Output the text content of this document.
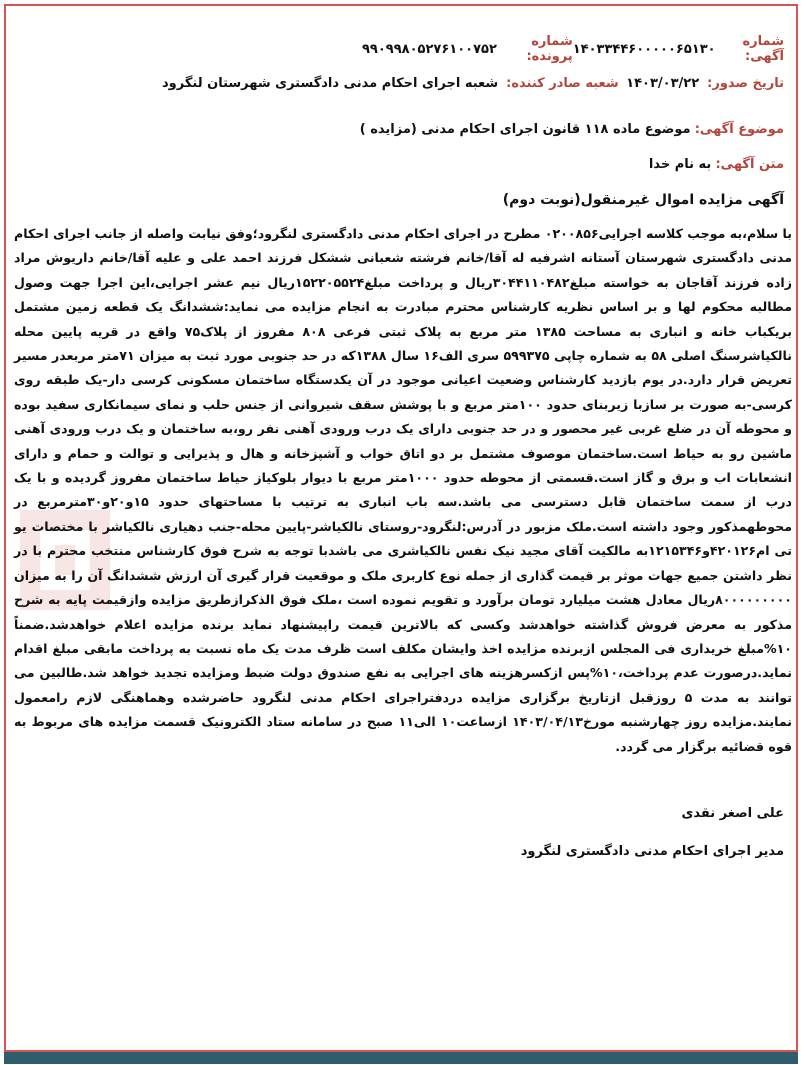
شماره آگهی:
۱۴۰۳۳۴۴۶۰۰۰۰۰۶۵۱۳۰
شماره پرونده:
۹۹۰۹۹۸۰۵۲۷۶۱۰۰۷۵۲
تاریخ صدور:
۱۴۰۳/۰۳/۲۲
شعبه صادر کننده:
شعبه اجرای احکام مدنی دادگستری شهرستان لنگرود
موضوع آگهی: موضوع ماده ۱۱۸ قانون اجرای احکام مدنی (مزایده )
متن آگهی: به نام خدا
آگهی مزایده اموال غیرمنقول(نوبت دوم)
با سلام،به موجب کلاسه اجرایی۰۲۰۰۸۵۶ مطرح در اجرای احکام مدنی دادگستری لنگرود؛وفق نیابت واصله از جانب اجرای احکام مدنی دادگستری شهرستان آستانه اشرفیه له آقا/خانم فرشته شعبانی ششکل فرزند احمد علی و علیه آقا/خانم داریوش مراد زاده فرزند آقاجان به خواسته مبلغ۳۰۴۴۱۱۰۴۸۲ریال و پرداخت مبلغ۱۵۲۲۰۵۵۲۴ریال نیم عشر اجرایی،این اجرا جهت وصول مطالبه محکوم لها و بر اساس نظریه کارشناس محترم مبادرت به انجام مزایده می نماید:ششدانگ یک قطعه زمین مشتمل بریکباب خانه و انباری به مساحت ۱۳۸۵ متر مربع به پلاک ثبتی فرعی ۸۰۸ مفروز از پلاک۷۵ واقع در قریه پایین محله نالکیاشرسنگ اصلی ۵۸ به شماره چاپی ۵۹۹۳۷۵ سری الف۱۶ سال ۱۳۸۸که در حد جنوبی مورد ثبت به میزان ۷۱متر مربعدر مسیر تعریض قرار دارد.در یوم بازدید کارشناس وضعیت اعیانی موجود در آن یکدستگاه ساختمان مسکونی کرسی دار-یک طبقه روی کرسی-به صورت بر سازبا زیربنای حدود ۱۰۰متر مربع و با پوشش سقف شیروانی از جنس حلب و نمای سیمانکاری سفید بوده و محوطه آن در ضلع غربی غیر محصور و در حد جنوبی دارای یک درب ورودی آهنی نفر رو،به ساختمان و یک درب ورودی آهنی ماشین رو به حیاط است.ساختمان موصوف مشتمل بر دو اتاق خواب و آشپزخانه و هال و پذیرایی و توالت و حمام و دارای انشعابات اب و برق و گاز است.قسمتی از محوطه حدود ۱۰۰۰متر مربع با دیوار بلوکیاز حیاط ساختمان مفروز گردیده و با یک درب از سمت ساختمان قابل دسترسی می باشد.سه باب انباری به ترتیب با مساحتهای حدود ۱۵و۲۰و۳۰مترمربع در محوطهمذکور وجود داشته است.ملک مزبور در آدرس:لنگرود-روستای نالکیاشر-پایین محله-جنب دهیاری نالکیاشر با مختصات یو تی ام۴۲۰۱۲۶و۱۲۱۵۳۴۶به مالکیت آقای مجید نیک نفس نالکیاشری می باشدبا توجه به شرح فوق کارشناس منتخب محترم با در نظر داشتن جمیع جهات موثر بر قیمت گذاری از جمله نوع کاربری ملک و موقعیت قرار گیری آن ارزش ششدانگ آن را به میزان ۸۰۰۰۰۰۰۰۰۰ریال معادل هشت میلیارد تومان برآورد و تقویم نموده است ،ملک فوق الذکرازطریق مزایده وازقیمت پایه به شرح مذکور به معرض فروش گذاشته خواهدشد وکسی که بالاترین قیمت راپیشنهاد نماید برنده مزایده اعلام خواهدشد.ضمناً ۱۰%مبلغ خریداری فی المجلس ازبرنده مزایده اخذ وایشان مکلف است ظرف مدت یک ماه نسبت به پرداخت مابقی مبلغ اقدام نماید.درصورت عدم پرداخت،۱۰%پس ازکسرهزینه های اجرایی به نفع صندوق دولت ضبط ومزایده تجدید خواهد شد.طالبین می توانند به مدت ۵ روزقبل ازتاریخ برگزاری مزایده دردفتراجرای احکام مدنی لنگرود حاضرشده وهماهنگی لازم رامعمول نمایند.مزایده روز چهارشنبه مورخ۱۴۰۳/۰۴/۱۳ ازساعت۱۰ الی۱۱ صبح در سامانه ستاد الکترونیک قسمت مزایده های مربوط به قوه قضائیه برگزار می گردد.
علی اصغر نقدی
مدیر اجرای احکام مدنی دادگستری لنگرود
